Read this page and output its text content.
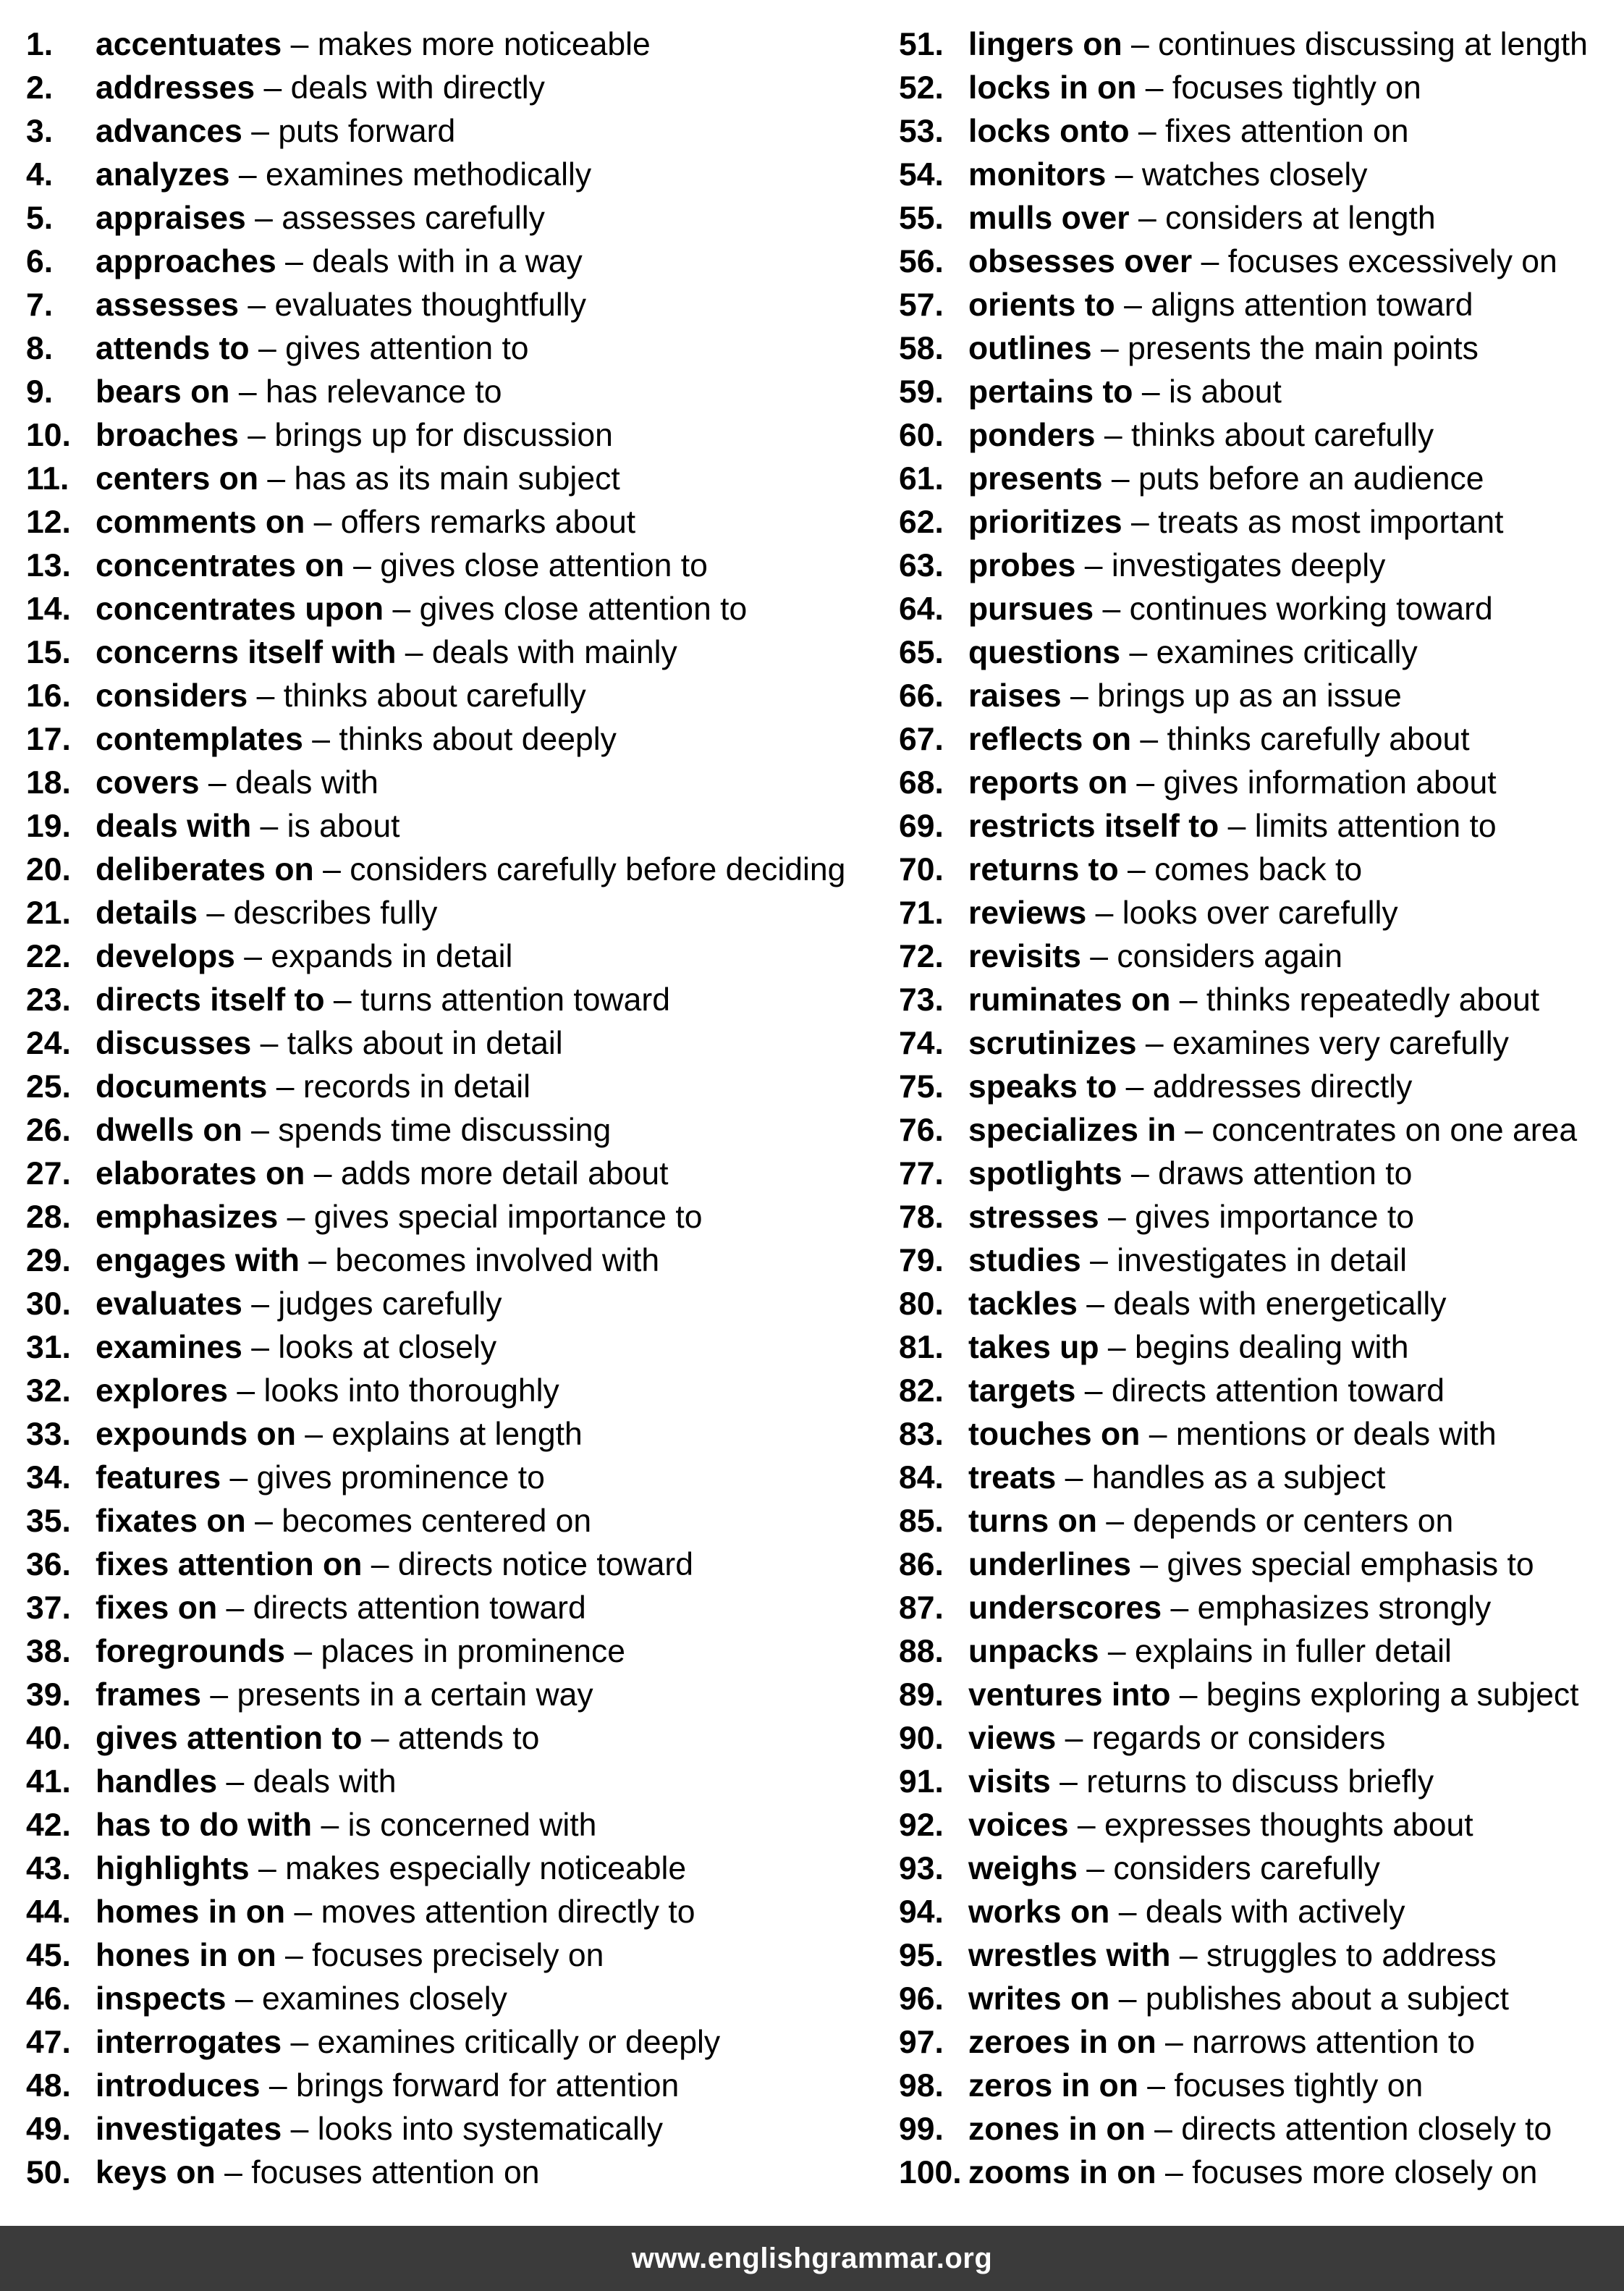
1.	accentuates – makes more noticeable
2.	addresses – deals with directly
3.	advances – puts forward
4.	analyzes – examines methodically
5.	appraises – assesses carefully
6.	approaches – deals with in a way
7.	assesses – evaluates thoughtfully
8.	attends to – gives attention to
9.	bears on – has relevance to
10. broaches – brings up for discussion
11. centers on – has as its main subject
12. comments on – offers remarks about
13. concentrates on – gives close attention to
14. concentrates upon – gives close attention to
15. concerns itself with – deals with mainly
16. considers – thinks about carefully
17. contemplates – thinks about deeply
18. covers – deals with
19. deals with – is about
20. deliberates on – considers carefully before deciding
21. details – describes fully
22. develops – expands in detail
23. directs itself to – turns attention toward
24. discusses – talks about in detail
25. documents – records in detail
26. dwells on – spends time discussing
27. elaborates on – adds more detail about
28. emphasizes – gives special importance to
29. engages with – becomes involved with
30. evaluates – judges carefully
31. examines – looks at closely
32. explores – looks into thoroughly
33. expounds on – explains at length
34. features – gives prominence to
35. fixates on – becomes centered on
36. fixes attention on – directs notice toward
37. fixes on – directs attention toward
38. foregrounds – places in prominence
39. frames – presents in a certain way
40. gives attention to – attends to
41. handles – deals with
42. has to do with – is concerned with
43. highlights – makes especially noticeable
44. homes in on – moves attention directly to
45. hones in on – focuses precisely on
46. inspects – examines closely
47. interrogates – examines critically or deeply
48. introduces – brings forward for attention
49. investigates – looks into systematically
50. keys on – focuses attention on
51. lingers on – continues discussing at length
52. locks in on – focuses tightly on
53. locks onto – fixes attention on
54. monitors – watches closely
55. mulls over – considers at length
56. obsesses over – focuses excessively on
57. orients to – aligns attention toward
58. outlines – presents the main points
59. pertains to – is about
60. ponders – thinks about carefully
61. presents – puts before an audience
62. prioritizes – treats as most important
63. probes – investigates deeply
64. pursues – continues working toward
65. questions – examines critically
66. raises – brings up as an issue
67. reflects on – thinks carefully about
68. reports on – gives information about
69. restricts itself to – limits attention to
70. returns to – comes back to
71. reviews – looks over carefully
72. revisits – considers again
73. ruminates on – thinks repeatedly about
74. scrutinizes – examines very carefully
75. speaks to – addresses directly
76. specializes in – concentrates on one area
77. spotlights – draws attention to
78. stresses – gives importance to
79. studies – investigates in detail
80. tackles – deals with energetically
81. takes up – begins dealing with
82. targets – directs attention toward
83. touches on – mentions or deals with
84. treats – handles as a subject
85. turns on – depends or centers on
86. underlines – gives special emphasis to
87. underscores – emphasizes strongly
88. unpacks – explains in fuller detail
89. ventures into – begins exploring a subject
90. views – regards or considers
91. visits – returns to discuss briefly
92. voices – expresses thoughts about
93. weighs – considers carefully
94. works on – deals with actively
95. wrestles with – struggles to address
96. writes on – publishes about a subject
97. zeroes in on – narrows attention to
98. zeros in on – focuses tightly on
99. zones in on – directs attention closely to
100. zooms in on – focuses more closely on
www.englishgrammar.org
